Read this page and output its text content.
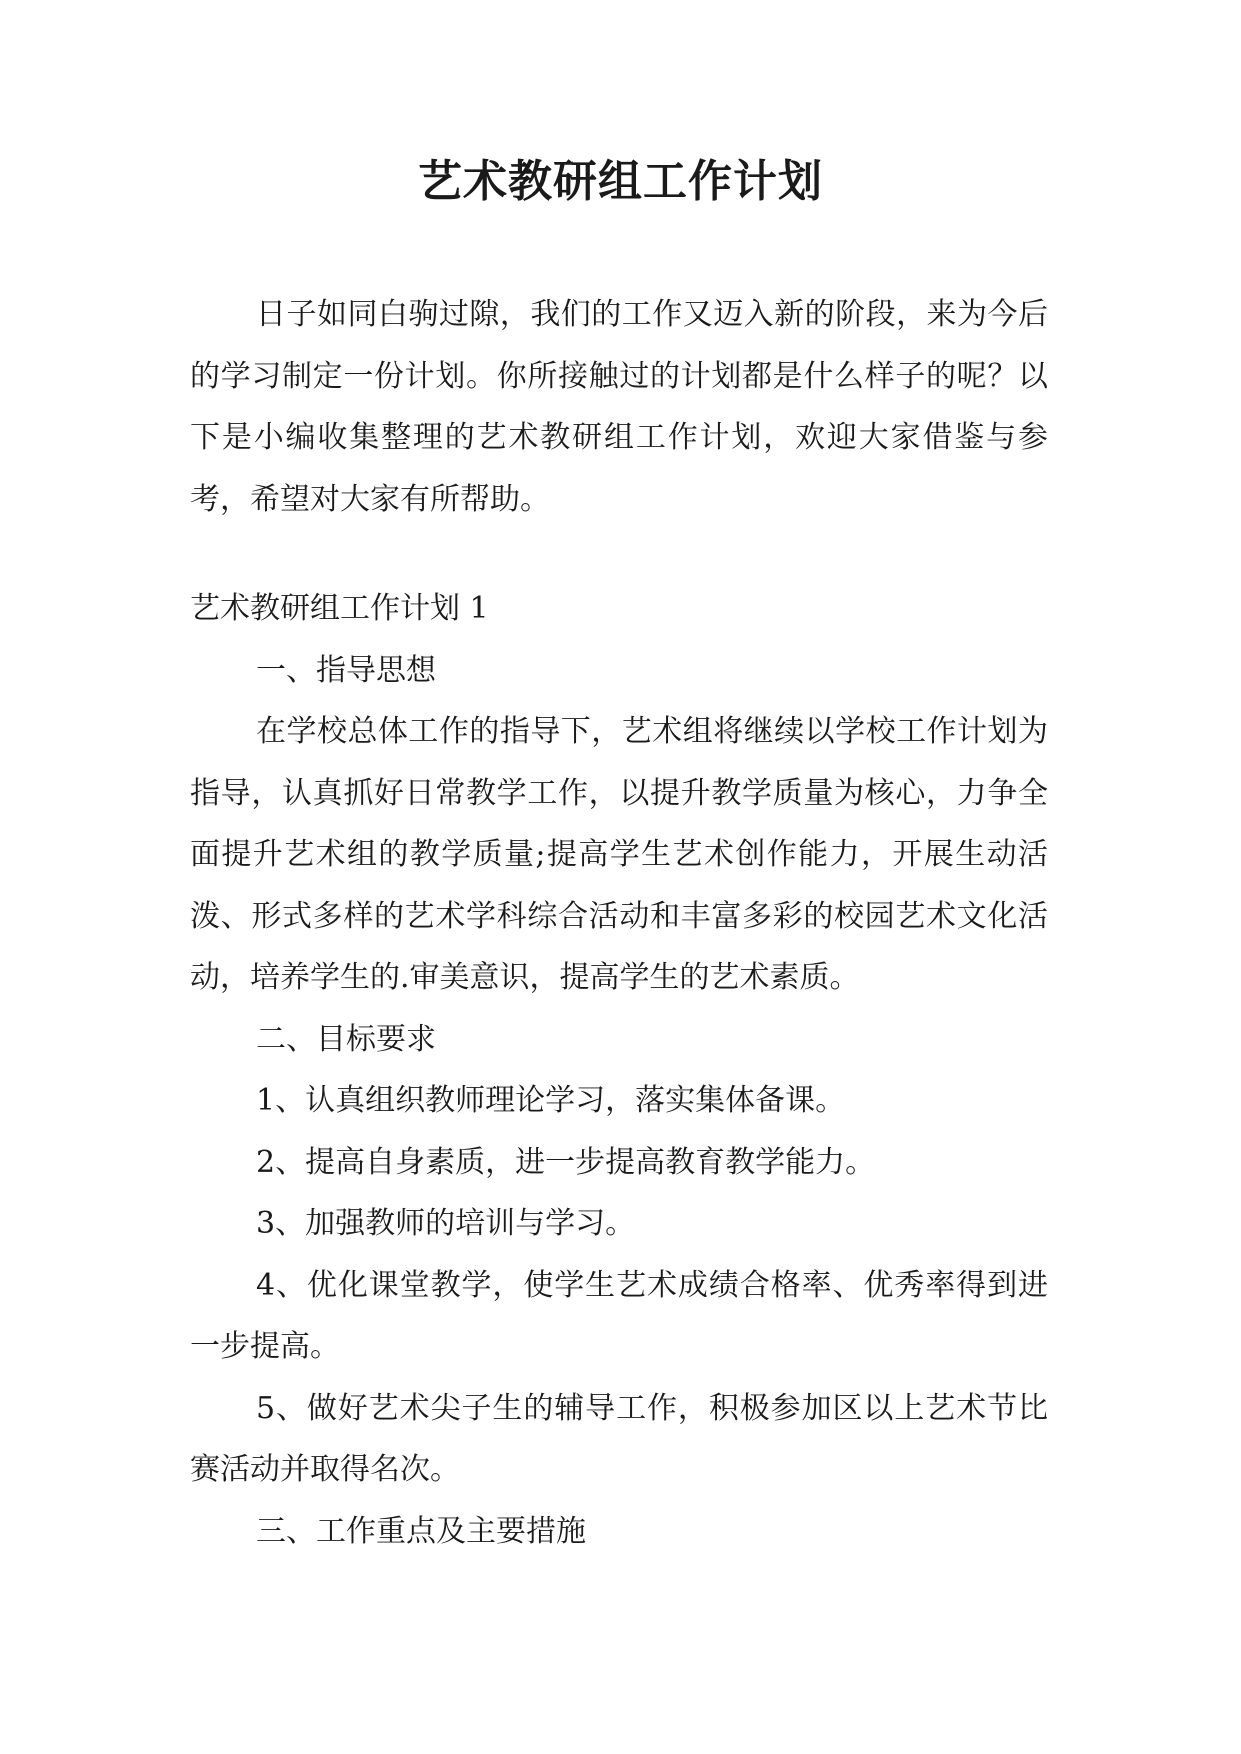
艺术教研组工作计划

日子如同白驹过隙，我们的工作又迈入新的阶段，来为今后的学习制定一份计划。你所接触过的计划都是什么样子的呢？以下是小编收集整理的艺术教研组工作计划，欢迎大家借鉴与参考，希望对大家有所帮助。

艺术教研组工作计划 1

一、指导思想

在学校总体工作的指导下，艺术组将继续以学校工作计划为指导，认真抓好日常教学工作，以提升教学质量为核心，力争全面提升艺术组的教学质量;提高学生艺术创作能力，开展生动活泼、形式多样的艺术学科综合活动和丰富多彩的校园艺术文化活动，培养学生的.审美意识，提高学生的艺术素质。

二、目标要求

1、认真组织教师理论学习，落实集体备课。

2、提高自身素质，进一步提高教育教学能力。

3、加强教师的培训与学习。

4、优化课堂教学，使学生艺术成绩合格率、优秀率得到进一步提高。

5、做好艺术尖子生的辅导工作，积极参加区以上艺术节比赛活动并取得名次。

三、工作重点及主要措施
